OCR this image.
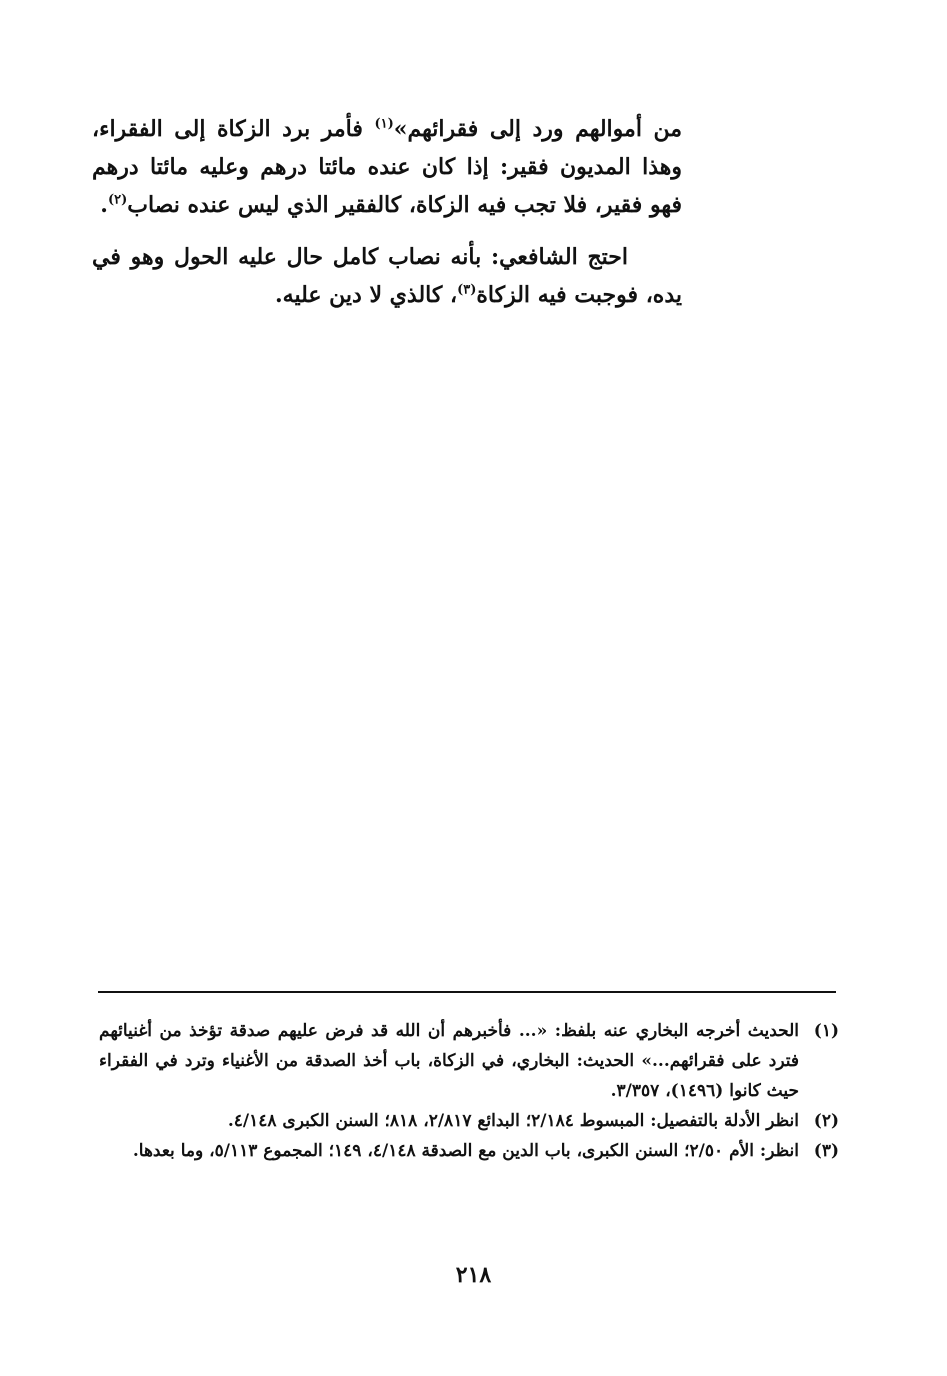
من أموالهم ورد إلى فقرائهم»$^{(١)}$ فأمر برد الزكاة إلى الفقراء، وهذا المديون فقير: إذا كان عنده مائتا درهم وعليه مائتا درهم فهو فقير، فلا تجب فيه الزكاة، كالفقير الذي ليس عنده نصاب$^{(٢)}$.

احتج الشافعي: بأنه نصاب كامل حال عليه الحول وهو في يده، فوجبت فيه الزكاة$^{(٣)}$، كالذي لا دين عليه.

(١)
الحديث أخرجه البخاري عنه بلفظ: «... فأخبرهم أن الله قد فرض عليهم صدقة تؤخذ من أغنيائهم فترد على فقرائهم...» الحديث: البخاري، في الزكاة، باب أخذ الصدقة من الأغنياء وترد في الفقراء حيث كانوا (١٤٩٦)، ٣/٣٥٧.
(٢)
انظر الأدلة بالتفصيل: المبسوط ٢/١٨٤؛ البدائع ٢/٨١٧، ٨١٨؛ السنن الكبرى ٤/١٤٨.
(٣)
انظر: الأم ٢/٥٠؛ السنن الكبرى، باب الدين مع الصدقة ٤/١٤٨، ١٤٩؛ المجموع ٥/١١٣، وما بعدها.
٢١٨
